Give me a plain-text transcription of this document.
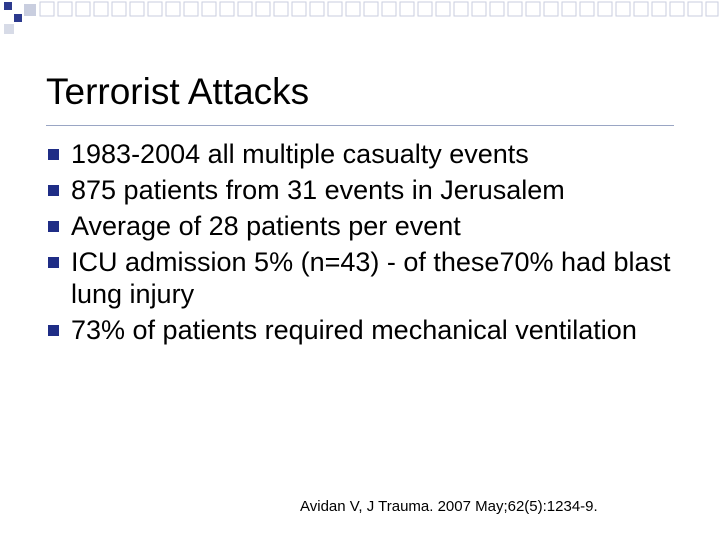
Terrorist Attacks
1983-2004 all multiple casualty events
875 patients from 31 events in Jerusalem
Average of 28 patients per event
ICU admission 5% (n=43) - of these70% had blast lung injury
73% of patients required mechanical ventilation
Avidan V, J Trauma. 2007 May;62(5):1234-9.
